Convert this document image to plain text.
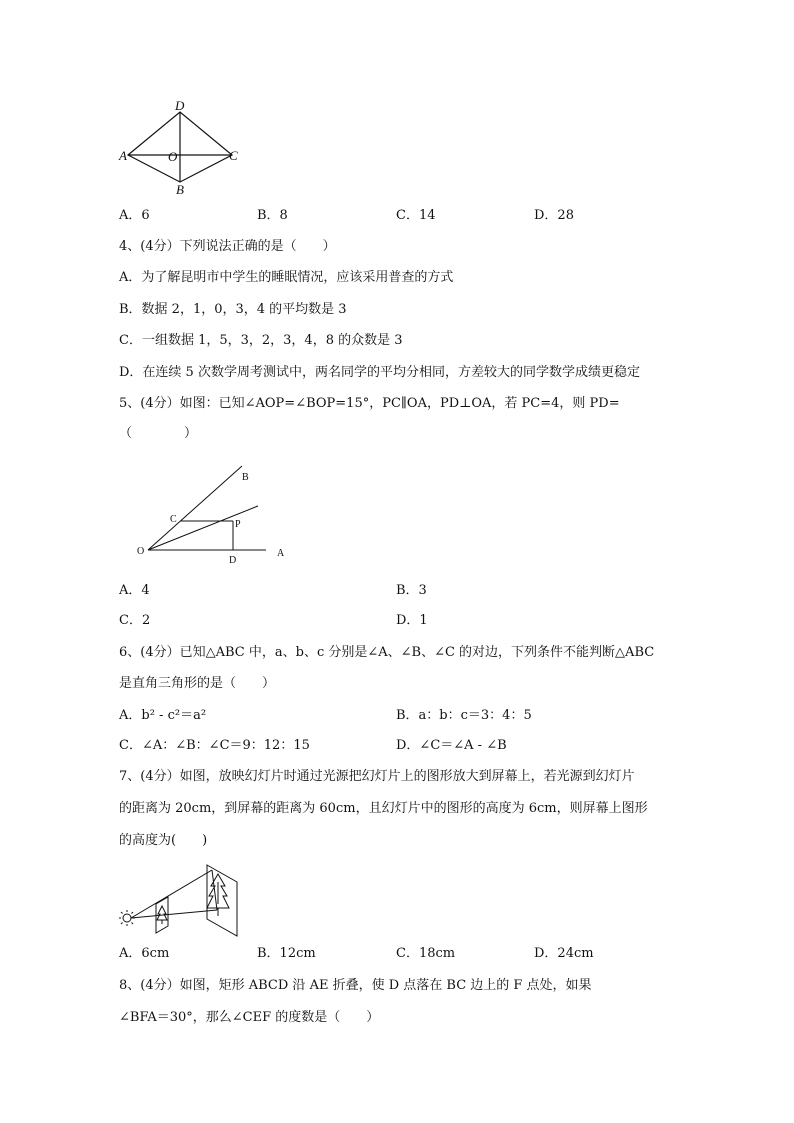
D
A	O	C
B
A．6	B．8	C．14	D．28
4、(4分）下列说法正确的是（　　）
A．为了解昆明市中学生的睡眠情况，应该采用普查的方式
B．数据 2，1，0，3，4 的平均数是 3
C．一组数据 1，5，3，2，3，4，8 的众数是 3
D．在连续 5 次数学周考测试中，两名同学的平均分相同，方差较大的同学数学成绩更稳定
5、(4分）如图：已知∠AOP=∠BOP=15°，PC∥OA，PD⊥OA，若 PC=4，则 PD=
（　　　　）
B
C	P
O
D
A
A．4	B．3
C．2	D．1
6、(4分）已知△ABC 中，a、b、c 分别是∠A、∠B、∠C 的对边，下列条件不能判断△ABC
是直角三角形的是（　　）
A．b² - c²＝a²	B．a：b：c＝3：4：5
C．∠A：∠B：∠C＝9：12：15	D．∠C＝∠A - ∠B
7、(4分）如图，放映幻灯片时通过光源把幻灯片上的图形放大到屏幕上，若光源到幻灯片
的距离为 20cm，到屏幕的距离为 60cm，且幻灯片中的图形的高度为 6cm，则屏幕上图形
的高度为(　　)
A．6cm	B．12cm	C．18cm	D．24cm
8、(4分）如图，矩形 ABCD 沿 AE 折叠，使 D 点落在 BC 边上的 F 点处，如果
∠BFA＝30°，那么∠CEF 的度数是（　　）
